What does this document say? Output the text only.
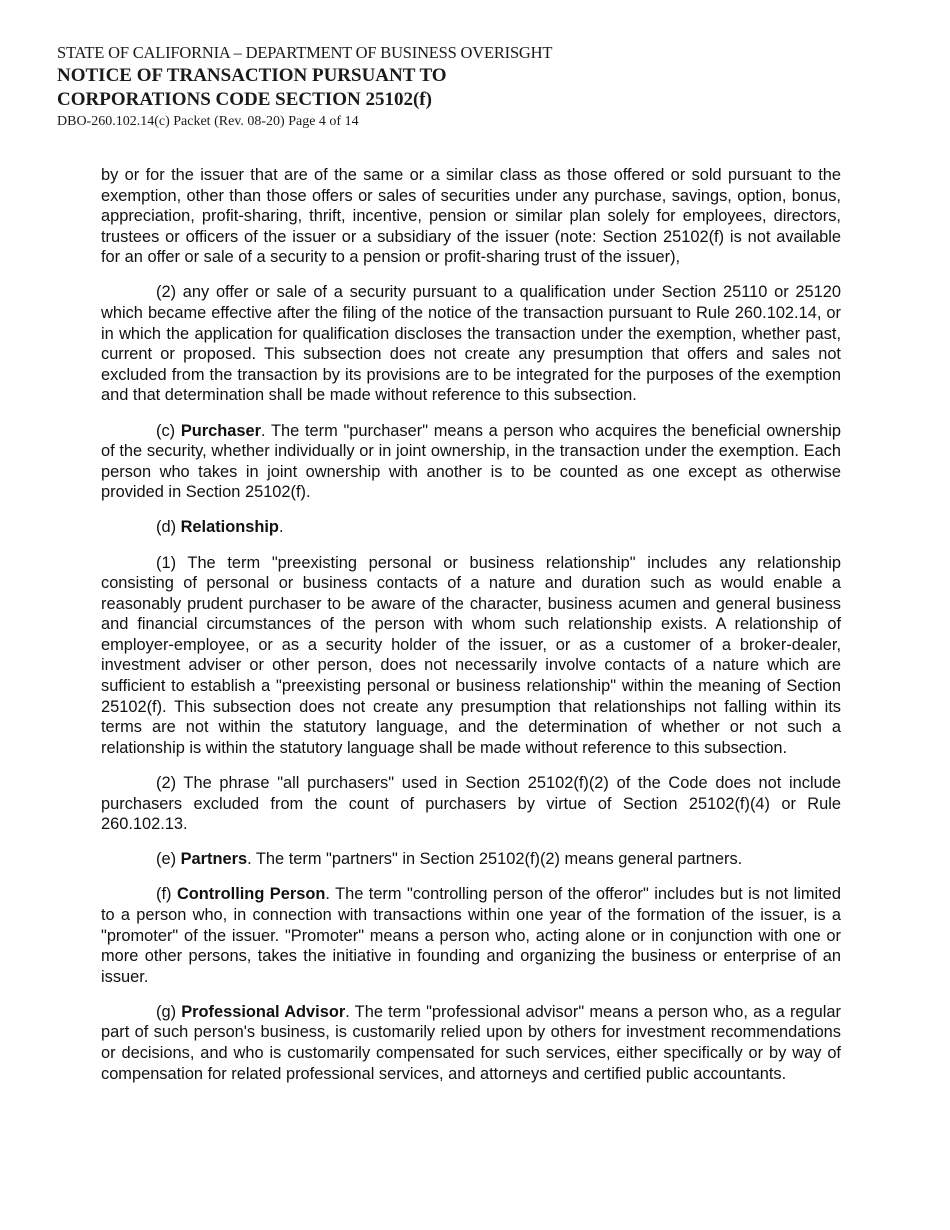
STATE OF CALIFORNIA – DEPARTMENT OF BUSINESS OVERISGHT
NOTICE OF TRANSACTION PURSUANT TO
CORPORATIONS CODE SECTION 25102(f)
DBO-260.102.14(c) Packet (Rev. 08-20) Page 4 of 14

by or for the issuer that are of the same or a similar class as those offered or sold pursuant to the exemption, other than those offers or sales of securities under any purchase, savings, option, bonus, appreciation, profit-sharing, thrift, incentive, pension or similar plan solely for employees, directors, trustees or officers of the issuer or a subsidiary of the issuer (note: Section 25102(f) is not available for an offer or sale of a security to a pension or profit-sharing trust of the issuer),

(2) any offer or sale of a security pursuant to a qualification under Section 25110 or 25120 which became effective after the filing of the notice of the transaction pursuant to Rule 260.102.14, or in which the application for qualification discloses the transaction under the exemption, whether past, current or proposed. This subsection does not create any presumption that offers and sales not excluded from the transaction by its provisions are to be integrated for the purposes of the exemption and that determination shall be made without reference to this subsection.

(c) Purchaser. The term "purchaser" means a person who acquires the beneficial ownership of the security, whether individually or in joint ownership, in the transaction under the exemption. Each person who takes in joint ownership with another is to be counted as one except as otherwise provided in Section 25102(f).

(d) Relationship.

(1) The term "preexisting personal or business relationship" includes any relationship consisting of personal or business contacts of a nature and duration such as would enable a reasonably prudent purchaser to be aware of the character, business acumen and general business and financial circumstances of the person with whom such relationship exists. A relationship of employer-employee, or as a security holder of the issuer, or as a customer of a broker-dealer, investment adviser or other person, does not necessarily involve contacts of a nature which are sufficient to establish a "preexisting personal or business relationship" within the meaning of Section 25102(f). This subsection does not create any presumption that relationships not falling within its terms are not within the statutory language, and the determination of whether or not such a relationship is within the statutory language shall be made without reference to this subsection.

(2) The phrase "all purchasers" used in Section 25102(f)(2) of the Code does not include purchasers excluded from the count of purchasers by virtue of Section 25102(f)(4) or Rule 260.102.13.

(e) Partners. The term "partners" in Section 25102(f)(2) means general partners.

(f) Controlling Person. The term "controlling person of the offeror" includes but is not limited to a person who, in connection with transactions within one year of the formation of the issuer, is a "promoter" of the issuer. "Promoter" means a person who, acting alone or in conjunction with one or more other persons, takes the initiative in founding and organizing the business or enterprise of an issuer.

(g) Professional Advisor. The term "professional advisor" means a person who, as a regular part of such person's business, is customarily relied upon by others for investment recommendations or decisions, and who is customarily compensated for such services, either specifically or by way of compensation for related professional services, and attorneys and certified public accountants.
